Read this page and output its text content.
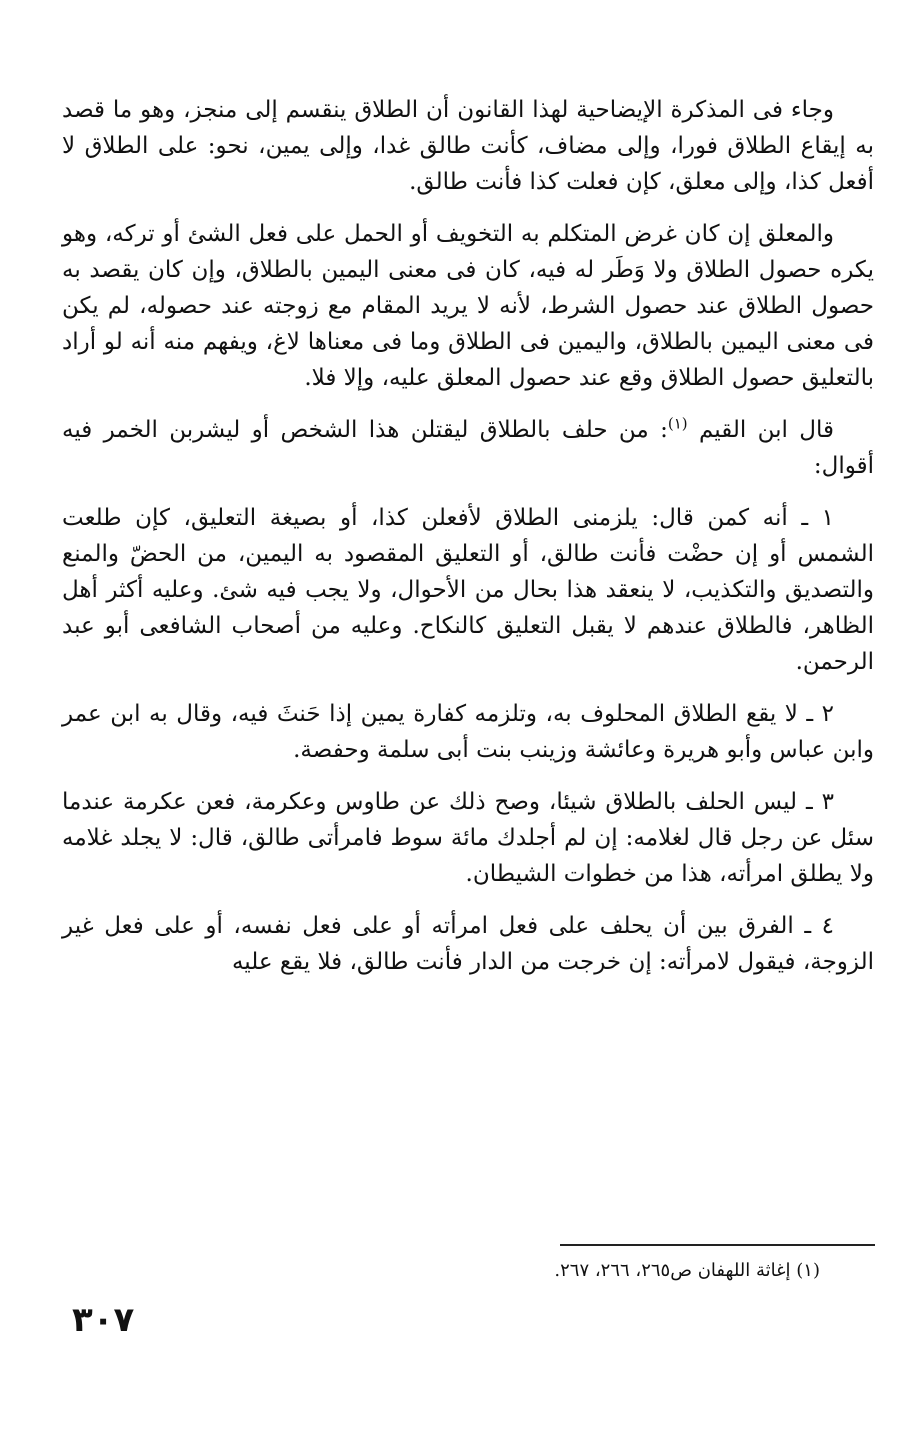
وجاء فى المذكرة الإيضاحية لهذا القانون أن الطلاق ينقسم إلى منجز، وهو ما قصد به إيقاع الطلاق فورا، وإلى مضاف، كأنت طالق غدا، وإلى يمين، نحو: على الطلاق لا أفعل كذا، وإلى معلق، كإن فعلت كذا فأنت طالق.

والمعلق إن كان غرض المتكلم به التخويف أو الحمل على فعل الشئ أو تركه، وهو يكره حصول الطلاق ولا وَطَر له فيه، كان فى معنى اليمين بالطلاق، وإن كان يقصد به حصول الطلاق عند حصول الشرط، لأنه لا يريد المقام مع زوجته عند حصوله، لم يكن فى معنى اليمين بالطلاق، واليمين فى الطلاق وما فى معناها لاغ، ويفهم منه أنه لو أراد بالتعليق حصول الطلاق وقع عند حصول المعلق عليه، وإلا فلا.

قال ابن القيم $^{(١)}$: من حلف بالطلاق ليقتلن هذا الشخص أو ليشربن الخمر فيه أقوال:

١ ـ أنه كمن قال: يلزمنى الطلاق لأفعلن كذا، أو بصيغة التعليق، كإن طلعت الشمس أو إن حضْت فأنت طالق، أو التعليق المقصود به اليمين، من الحضّ والمنع والتصديق والتكذيب، لا ينعقد هذا بحال من الأحوال، ولا يجب فيه شئ. وعليه أكثر أهل الظاهر، فالطلاق عندهم لا يقبل التعليق كالنكاح. وعليه من أصحاب الشافعى أبو عبد الرحمن.

٢ ـ لا يقع الطلاق المحلوف به، وتلزمه كفارة يمين إذا حَنثَ فيه، وقال به ابن عمر وابن عباس وأبو هريرة وعائشة وزينب بنت أبى سلمة وحفصة.

٣ ـ ليس الحلف بالطلاق شيئا، وصح ذلك عن طاوس وعكرمة، فعن عكرمة عندما سئل عن رجل قال لغلامه: إن لم أجلدك مائة سوط فامرأتى طالق، قال: لا يجلد غلامه ولا يطلق امرأته، هذا من خطوات الشيطان.

٤ ـ الفرق بين أن يحلف على فعل امرأته أو على فعل نفسه، أو على فعل غير الزوجة، فيقول لامرأته: إن خرجت من الدار فأنت طالق، فلا يقع عليه

(١) إغاثة اللهفان ص٢٦٥، ٢٦٦، ٢٦٧.
٣٠٧
